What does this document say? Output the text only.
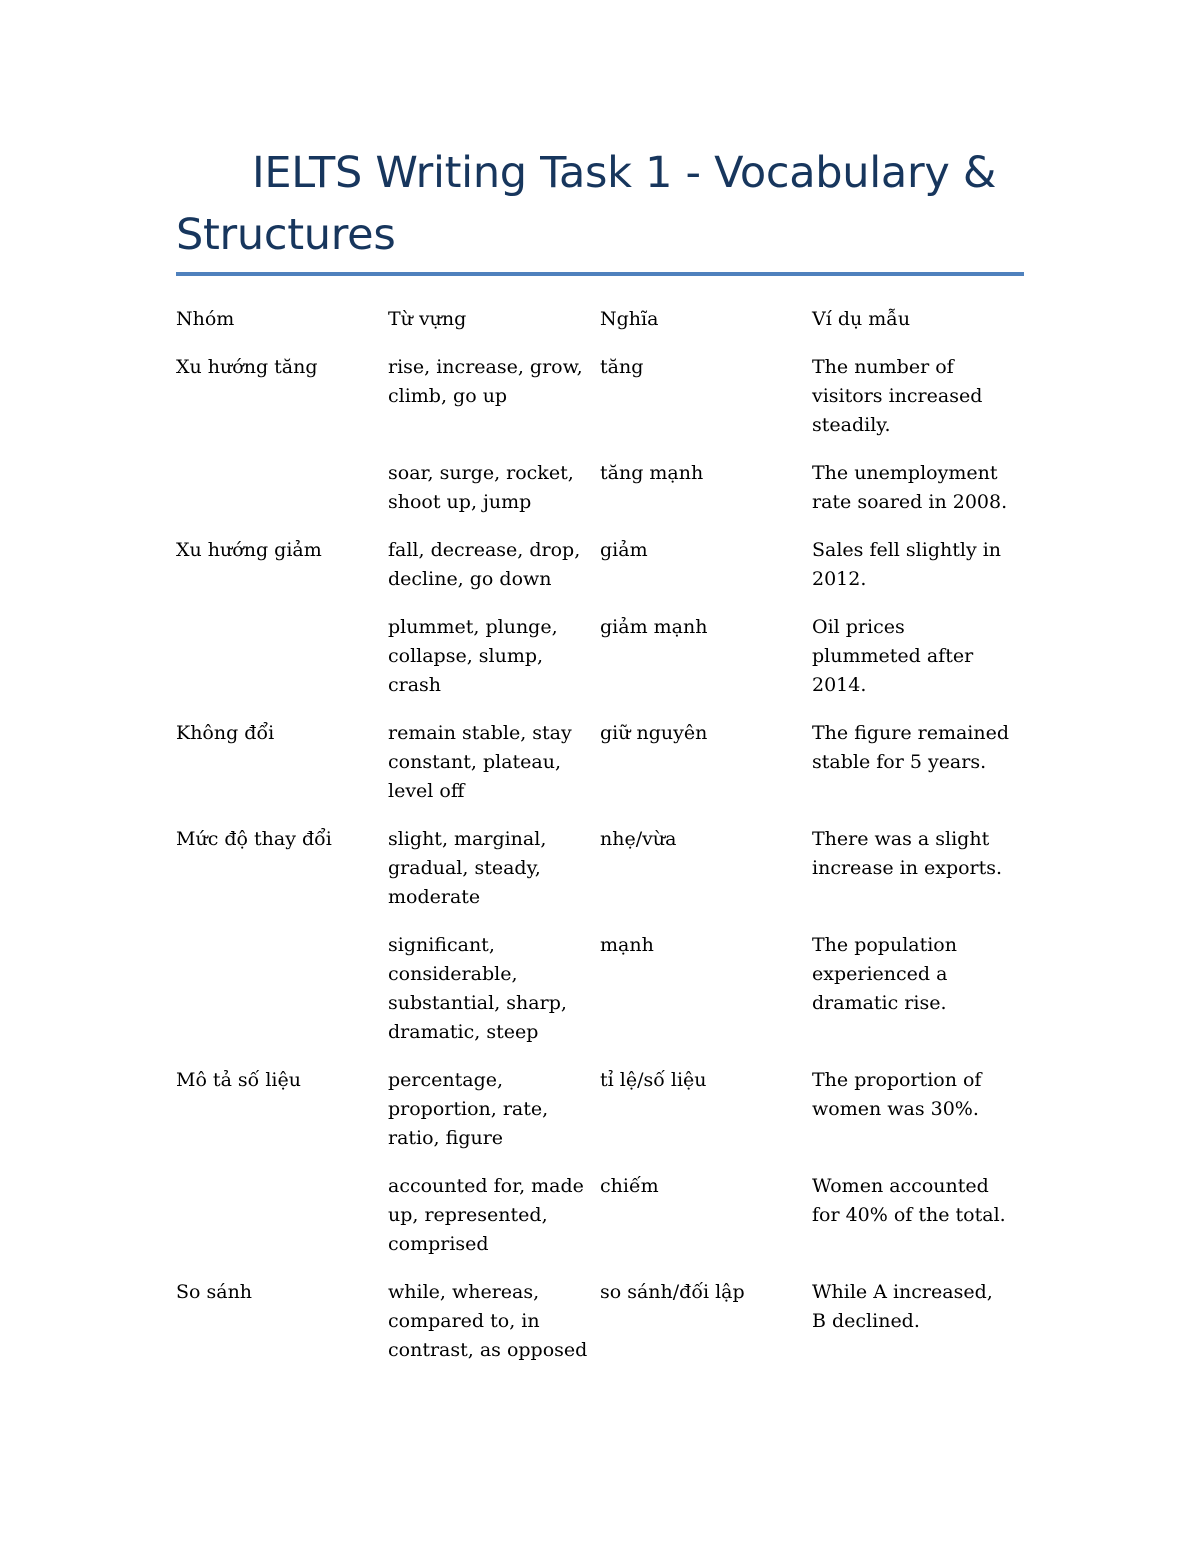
IELTS Writing Task 1 - Vocabulary & Structures
Nhóm	Từ vựng	Nghĩa	Ví dụ mẫu
Xu hướng tăng	rise, increase, grow, climb, go up	tăng	The number of visitors increased steadily.
	soar, surge, rocket, shoot up, jump	tăng mạnh	The unemployment rate soared in 2008.
Xu hướng giảm	fall, decrease, drop, decline, go down	giảm	Sales fell slightly in 2012.
	plummet, plunge, collapse, slump, crash	giảm mạnh	Oil prices plummeted after 2014.
Không đổi	remain stable, stay constant, plateau, level off	giữ nguyên	The figure remained stable for 5 years.
Mức độ thay đổi	slight, marginal, gradual, steady, moderate	nhẹ/vừa	There was a slight increase in exports.
	significant, considerable, substantial, sharp, dramatic, steep	mạnh	The population experienced a dramatic rise.
Mô tả số liệu	percentage, proportion, rate, ratio, figure	tỉ lệ/số liệu	The proportion of women was 30%.
	accounted for, made up, represented, comprised	chiếm	Women accounted for 40% of the total.
So sánh	while, whereas, compared to, in contrast, as opposed	so sánh/đối lập	While A increased, B declined.
